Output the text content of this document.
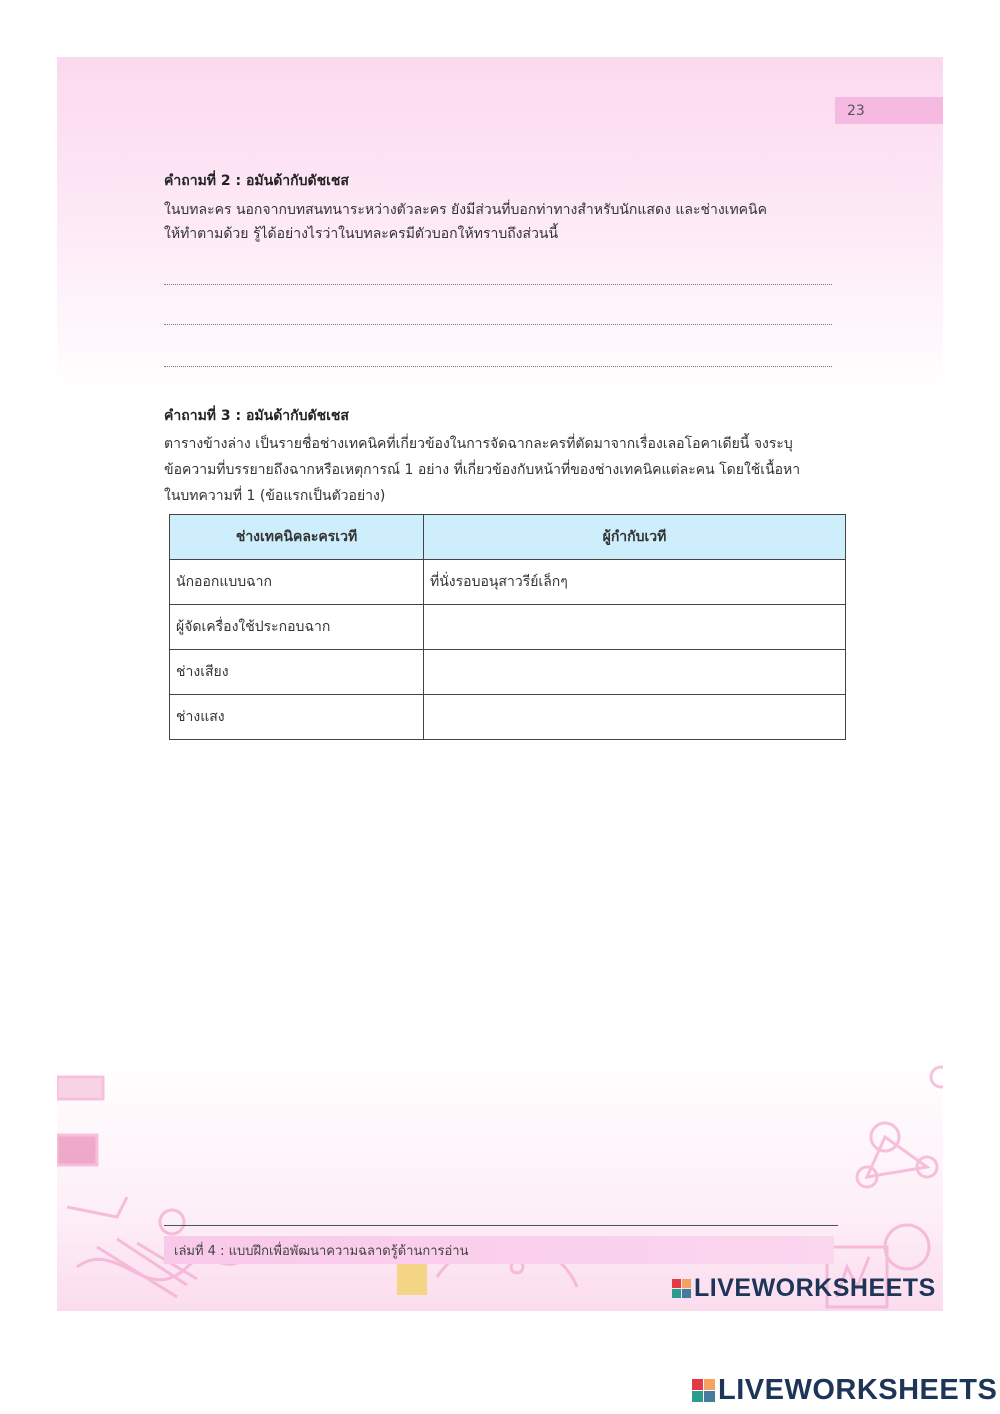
23
คำถามที่ 2 : อมันด้ากับดัชเชส
ในบทละคร นอกจากบทสนทนาระหว่างตัวละคร ยังมีส่วนที่บอกท่าทางสำหรับนักแสดง และช่างเทคนิค
ให้ทำตามด้วย รู้ได้อย่างไรว่าในบทละครมีตัวบอกให้ทราบถึงส่วนนี้
คำถามที่ 3 : อมันด้ากับดัชเชส
ตารางข้างล่าง เป็นรายชื่อช่างเทคนิคที่เกี่ยวข้องในการจัดฉากละครที่ตัดมาจากเรื่องเลอโอคาเดียนี้ จงระบุ
ข้อความที่บรรยายถึงฉากหรือเหตุการณ์ 1 อย่าง ที่เกี่ยวข้องกับหน้าที่ของช่างเทคนิคแต่ละคน โดยใช้เนื้อหา
ในบทความที่ 1 (ข้อแรกเป็นตัวอย่าง)
ช่างเทคนิคละครเวที	ผู้กำกับเวที
นักออกแบบฉาก	ที่นั่งรอบอนุสาวรีย์เล็กๆ
ผู้จัดเครื่องใช้ประกอบฉาก	
ช่างเสียง	
ช่างแสง	
เล่มที่ 4 : แบบฝึกเพื่อพัฒนาความฉลาดรู้ด้านการอ่าน
LIVEWORKSHEETS
LIVEWORKSHEETS
